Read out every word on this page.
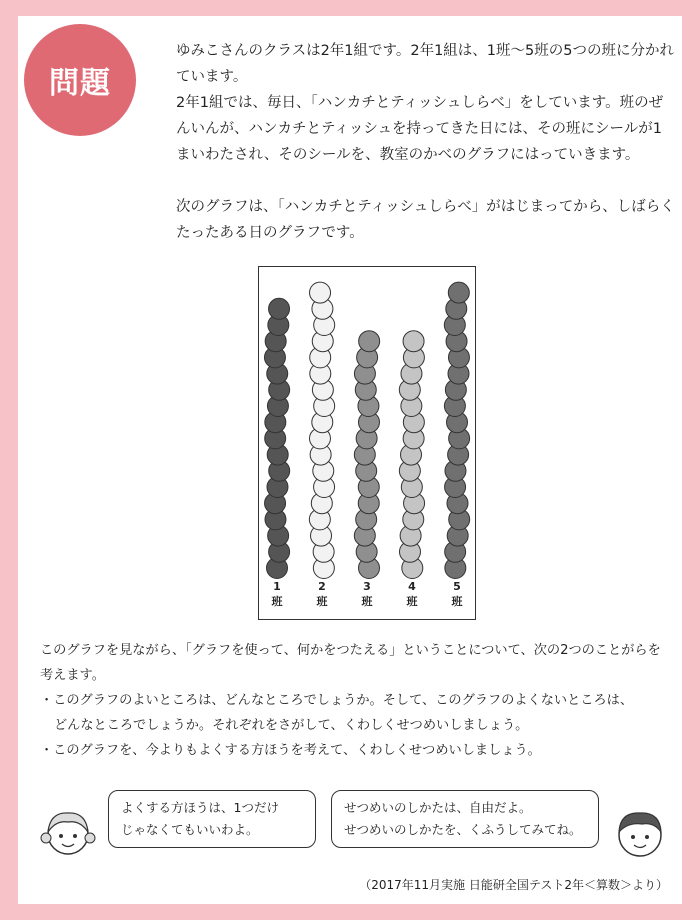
問題

ゆみこさんのクラスは2年1組です。2年1組は、1班〜5班の5つの班に分かれています。

2年1組では、毎日、「ハンカチとティッシュしらべ」をしています。班のぜんいんが、ハンカチとティッシュを持ってきた日には、その班にシールが1まいわたされ、そのシールを、教室のかべのグラフにはっていきます。

次のグラフは、「ハンカチとティッシュしらべ」がはじまってから、しばらくたったある日のグラフです。

1
班
2
班
3
班
4
班
5
班

このグラフを見ながら、「グラフを使って、何かをつたえる」ということについて、次の2つのことがらを考えます。

・このグラフのよいところは、どんなところでしょうか。そして、このグラフのよくないところは、

どんなところでしょうか。それぞれをさがして、くわしくせつめいしましょう。

・このグラフを、今よりもよくする方ほうを考えて、くわしくせつめいしましょう。

よくする方ほうは、1つだけ
じゃなくてもいいわよ。
せつめいのしかたは、自由だよ。
せつめいのしかたを、くふうしてみてね。
（2017年11月実施 日能研全国テスト2年＜算数＞より）
